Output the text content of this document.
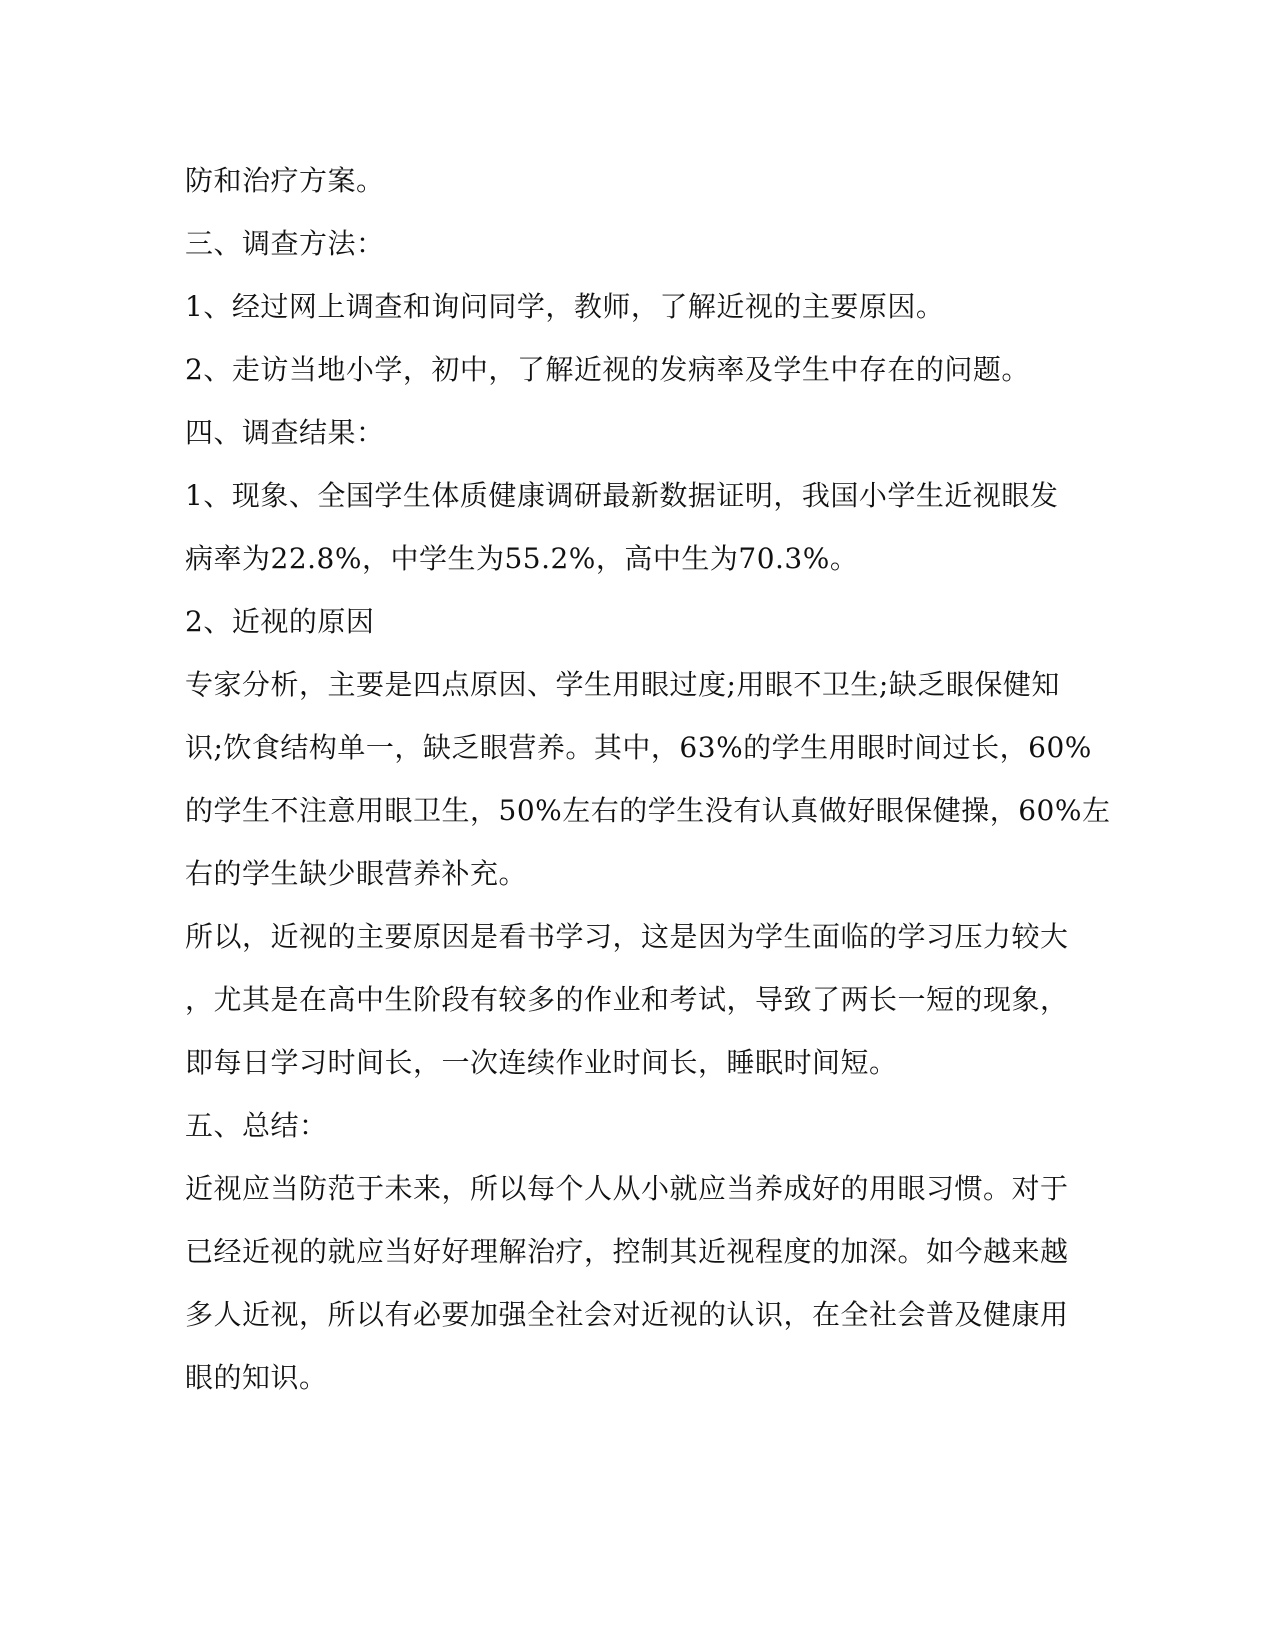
防和治疗方案。

三、调查方法：

1、经过网上调查和询问同学，教师，了解近视的主要原因。

2、走访当地小学，初中，了解近视的发病率及学生中存在的问题。

四、调查结果：

1、现象、全国学生体质健康调研最新数据证明，我国小学生近视眼发

病率为22.8%，中学生为55.2%，高中生为70.3%。

2、近视的原因

专家分析，主要是四点原因、学生用眼过度;用眼不卫生;缺乏眼保健知

识;饮食结构单一，缺乏眼营养。其中，63%的学生用眼时间过长，60%

的学生不注意用眼卫生，50%左右的学生没有认真做好眼保健操，60%左

右的学生缺少眼营养补充。

所以，近视的主要原因是看书学习，这是因为学生面临的学习压力较大

，尤其是在高中生阶段有较多的作业和考试，导致了两长一短的现象，

即每日学习时间长，一次连续作业时间长，睡眠时间短。

五、总结：

近视应当防范于未来，所以每个人从小就应当养成好的用眼习惯。对于

已经近视的就应当好好理解治疗，控制其近视程度的加深。如今越来越

多人近视，所以有必要加强全社会对近视的认识，在全社会普及健康用

眼的知识。
